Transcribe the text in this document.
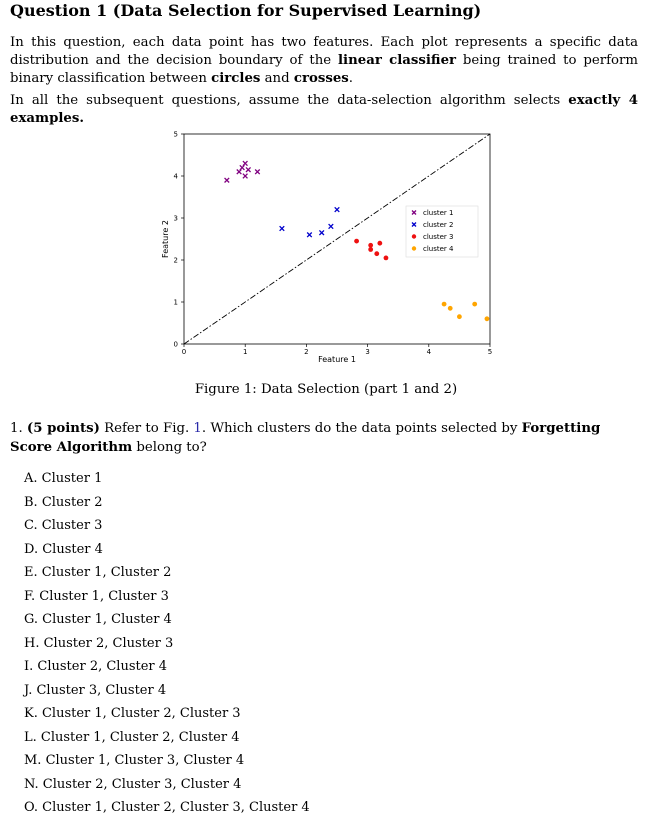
Question 1 (Data Selection for Supervised Learning)

In this question, each data point has two features. Each plot represents a specific data distribution and the decision boundary of the linear classifier being trained to perform binary classification between circles and crosses.

In all the subsequent questions, assume the data-selection algorithm selects exactly 4 examples.

0	1	2	3	4	5
0
1
2
3
4
5
cluster 1
cluster 2
cluster 3
cluster 4
Feature 1
Feature 2
Figure 1: Data Selection (part 1 and 2)
1. (5 points) Refer to Fig. 1. Which clusters do the data points selected by Forgetting Score Algorithm belong to?
A. Cluster 1
B. Cluster 2
C. Cluster 3
D. Cluster 4
E. Cluster 1, Cluster 2
F. Cluster 1, Cluster 3
G. Cluster 1, Cluster 4
H. Cluster 2, Cluster 3
I. Cluster 2, Cluster 4
J. Cluster 3, Cluster 4
K. Cluster 1, Cluster 2, Cluster 3
L. Cluster 1, Cluster 2, Cluster 4
M. Cluster 1, Cluster 3, Cluster 4
N. Cluster 2, Cluster 3, Cluster 4
O. Cluster 1, Cluster 2, Cluster 3, Cluster 4
